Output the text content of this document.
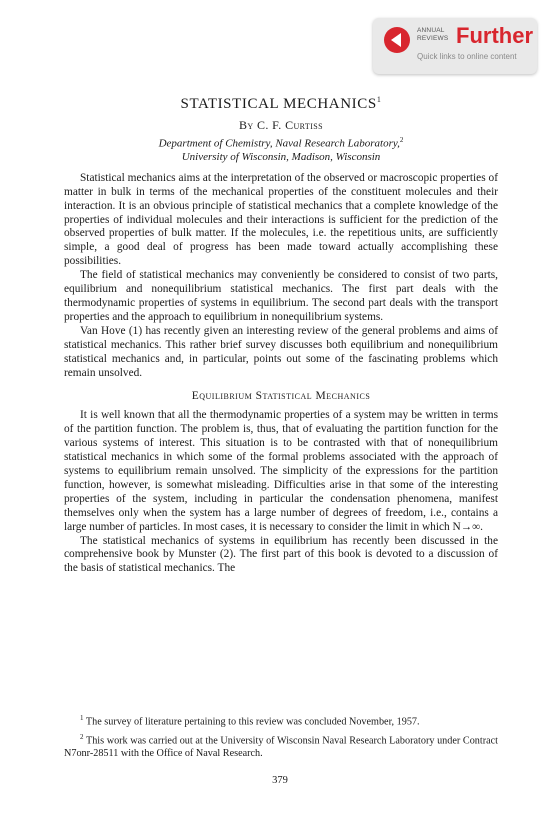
ANNUAL
REVIEWS Further
Quick links to online content
STATISTICAL MECHANICS$^1$
By C. F. Curtiss
Department of Chemistry, Naval Research Laboratory,$^2$
University of Wisconsin, Madison, Wisconsin

Statistical mechanics aims at the interpretation of the observed or macroscopic properties of matter in bulk in terms of the mechanical properties of the constituent molecules and their interaction. It is an obvious principle of statistical mechanics that a complete knowledge of the properties of individual molecules and their interactions is sufficient for the prediction of the observed properties of bulk matter. If the molecules, i.e. the repetitious units, are sufficiently simple, a good deal of progress has been made toward actually accomplishing these possibilities.

The field of statistical mechanics may conveniently be considered to consist of two parts, equilibrium and nonequilibrium statistical mechanics. The first part deals with the thermodynamic properties of systems in equilibrium. The second part deals with the transport properties and the approach to equilibrium in nonequilibrium systems.

Van Hove (1) has recently given an interesting review of the general problems and aims of statistical mechanics. This rather brief survey discusses both equilibrium and nonequilibrium statistical mechanics and, in particular, points out some of the fascinating problems which remain unsolved.

Equilibrium Statistical Mechanics

It is well known that all the thermodynamic properties of a system may be written in terms of the partition function. The problem is, thus, that of evaluating the partition function for the various systems of interest. This situation is to be contrasted with that of nonequilibrium statistical mechanics in which some of the formal problems associated with the approach of systems to equilibrium remain unsolved. The simplicity of the expressions for the partition function, however, is somewhat misleading. Difficulties arise in that some of the interesting properties of the system, including in particular the condensation phenomena, manifest themselves only when the system has a large number of degrees of freedom, i.e., contains a large number of particles. In most cases, it is necessary to consider the limit in which N→∞.

The statistical mechanics of systems in equilibrium has recently been discussed in the comprehensive book by Munster (2). The first part of this book is devoted to a discussion of the basis of statistical mechanics. The

$^1$ The survey of literature pertaining to this review was concluded November, 1957.

$^2$ This work was carried out at the University of Wisconsin Naval Research Laboratory under Contract N7onr-28511 with the Office of Naval Research.

379
